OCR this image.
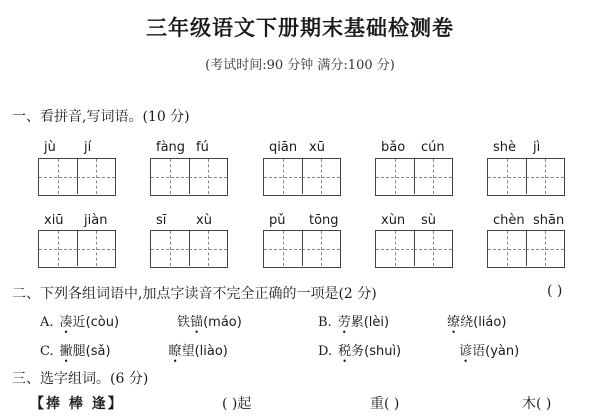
三年级语文下册期末基础检测卷
(考试时间:90 分钟 满分:100 分)
一、看拼音,写词语。(10 分)
jù jí	fàng fú	qiān xū	bǎo cún	shè jì
xiū jiàn	sī xù	pǔ tōng	xùn sù	chèn shān
二、下列各组词语中,加点字读音不完全正确的一项是(2 分)	( )
A. 凑近(còu)	铁锚(máo)	B. 劳累(lèi)	缭绕(liáo)
C. 撇腿(sǎ)	瞭望(liào)	D. 税务(shuì)	谚语(yàn)
三、选字组词。(6 分)
【捧 棒 逢】	( )起	重( )	木( )
